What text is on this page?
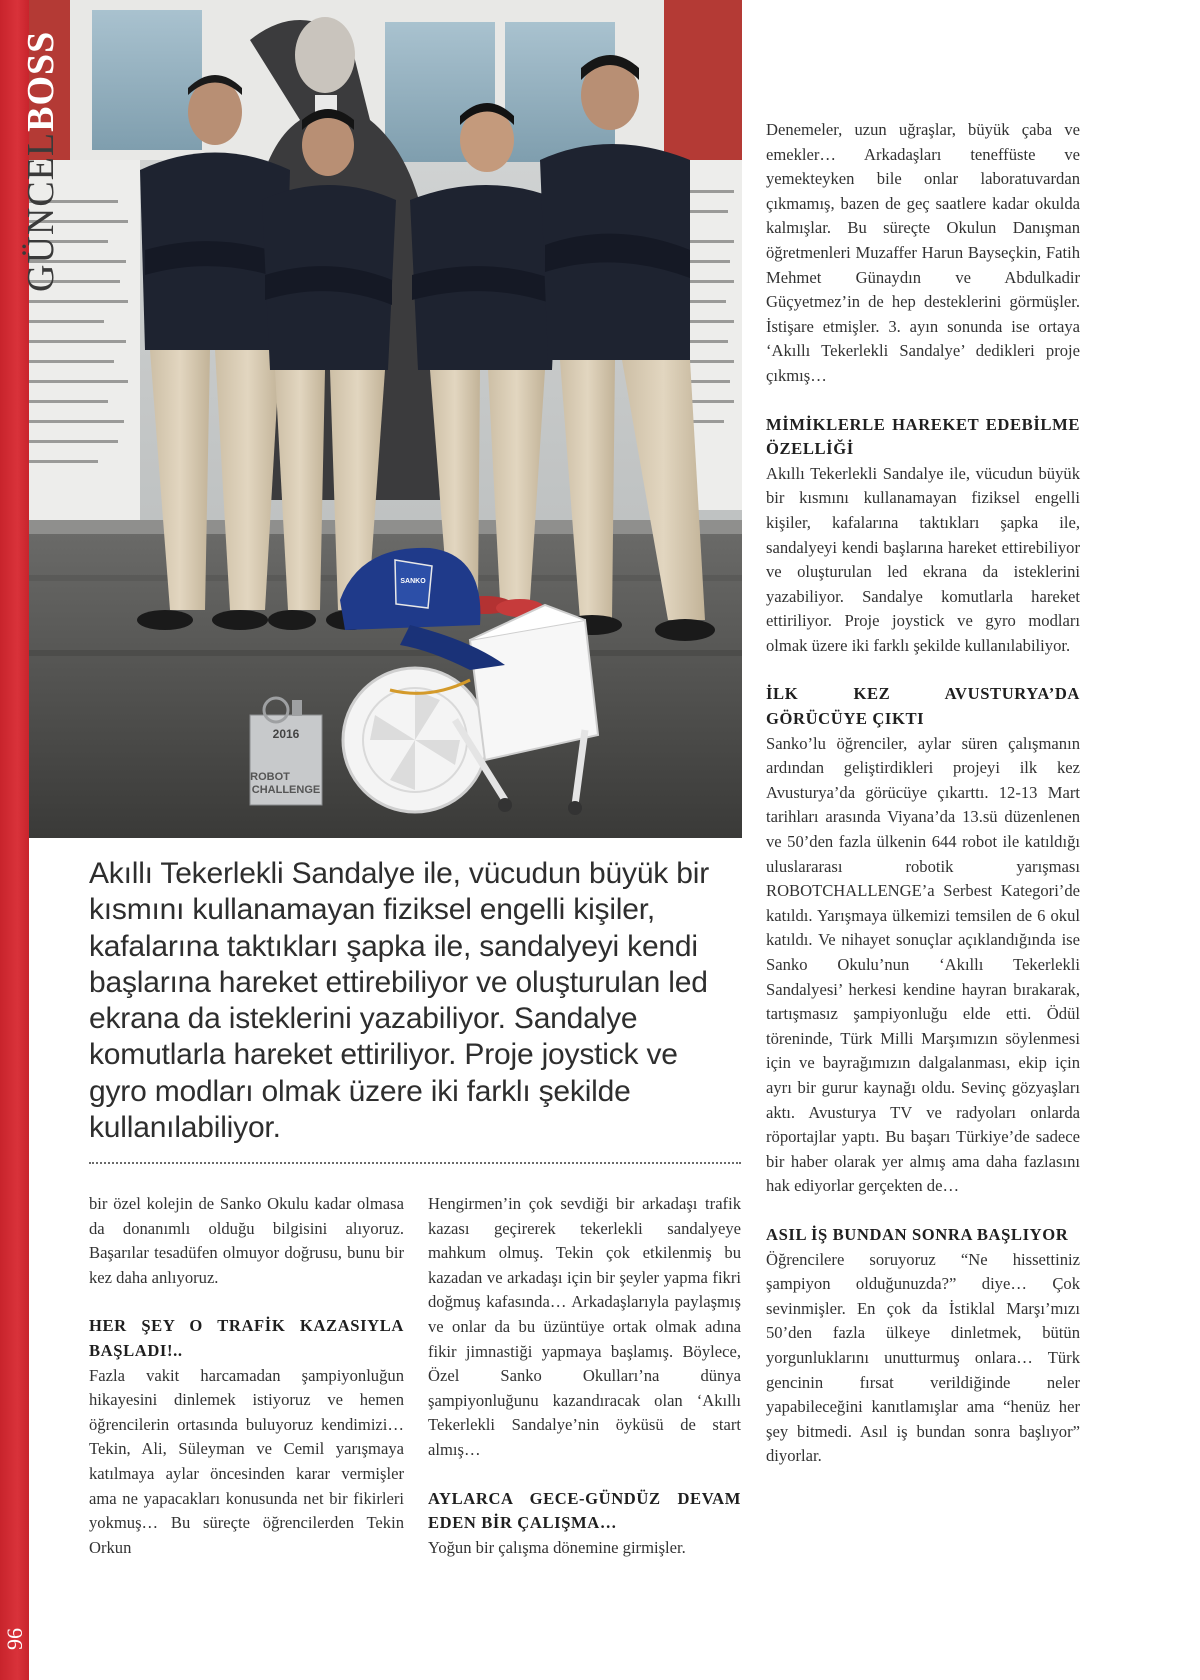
2016
ROBOT
CHALLENGE
SANKO
GÜNCELBOSS
Akıllı Tekerlekli Sandalye ile, vücudun büyük bir kısmını kullanamayan fiziksel engelli kişiler, kafalarına taktıkları şapka ile, sandalyeyi kendi başlarına hareket ettirebiliyor ve oluşturulan led ekrana da isteklerini yazabiliyor. Sandalye komutlarla hareket ettiriliyor. Proje joystick ve gyro modları olmak üzere iki farklı şekilde kullanılabiliyor.

bir özel kolejin de Sanko Okulu kadar olmasa da donanımlı olduğu bilgisini alıyoruz. Başarılar tesadüfen olmuyor doğrusu, bunu bir kez daha anlıyoruz.

HER ŞEY O TRAFİK KAZASIYLA BAŞLADI!..

Fazla vakit harcamadan şampiyonluğun hikayesini dinlemek istiyoruz ve hemen öğrencilerin ortasında buluyoruz kendimizi… Tekin, Ali, Süleyman ve Cemil yarışmaya katılmaya aylar öncesinden karar vermişler ama ne yapacakları konusunda net bir fikirleri yokmuş… Bu süreçte öğrencilerden Tekin Orkun

Hengirmen’in çok sevdiği bir arkadaşı trafik kazası geçirerek tekerlekli sandalyeye mahkum olmuş. Tekin çok etkilenmiş bu kazadan ve arkadaşı için bir şeyler yapma fikri doğmuş kafasında… Arkadaşlarıyla paylaşmış ve onlar da bu üzüntüye ortak olmak adına fikir jimnastiği yapmaya başlamış. Böylece, Özel Sanko Okulları’na dünya şampiyonluğunu kazandıracak olan ‘Akıllı Tekerlekli Sandalye’nin öyküsü de start almış…

AYLARCA GECE-GÜNDÜZ DEVAM EDEN BİR ÇALIŞMA…

Yoğun bir çalışma dönemine girmişler.

Denemeler, uzun uğraşlar, büyük çaba ve emekler… Arkadaşları teneffüste ve yemekteyken bile onlar laboratuvardan çıkmamış, bazen de geç saatlere kadar okulda kalmışlar. Bu süreçte Okulun Danışman öğretmenleri Muzaffer Harun Bayseçkin, Fatih Mehmet Günaydın ve Abdulkadir Güçyetmez’in de hep desteklerini görmüşler. İstişare etmişler. 3. ayın sonunda ise ortaya ‘Akıllı Tekerlekli Sandalye’ dedikleri proje çıkmış…

MİMİKLERLE HAREKET EDEBİLME ÖZELLİĞİ

Akıllı Tekerlekli Sandalye ile, vücudun büyük bir kısmını kullanamayan fiziksel engelli kişiler, kafalarına taktıkları şapka ile, sandalyeyi kendi başlarına hareket ettirebiliyor ve oluşturulan led ekrana da isteklerini yazabiliyor. Sandalye komutlarla hareket ettiriliyor. Proje joystick ve gyro modları olmak üzere iki farklı şekilde kullanılabiliyor.

İLK KEZ AVUSTURYA’DA GÖRÜCÜYE ÇIKTI

Sanko’lu öğrenciler, aylar süren çalışmanın ardından geliştirdikleri projeyi ilk kez Avusturya’da görücüye çıkarttı. 12-13 Mart tarihları arasında Viyana’da 13.sü düzenlenen ve 50’den fazla ülkenin 644 robot ile katıldığı uluslararası robotik yarışması ROBOTCHALLENGE’a Serbest Kategori’de katıldı. Yarışmaya ülkemizi temsilen de 6 okul katıldı. Ve nihayet sonuçlar açıklandığında ise Sanko Okulu’nun ‘Akıllı Tekerlekli Sandalyesi’ herkesi kendine hayran bırakarak, tartışmasız şampiyonluğu elde etti. Ödül töreninde, Türk Milli Marşımızın söylenmesi için ve bayrağımızın dalgalanması, ekip için ayrı bir gurur kaynağı oldu. Sevinç gözyaşları aktı. Avusturya TV ve radyoları onlarda röportajlar yaptı. Bu başarı Türkiye’de sadece bir haber olarak yer almış ama daha fazlasını hak ediyorlar gerçekten de…

ASIL İŞ BUNDAN SONRA BAŞLIYOR

Öğrencilere soruyoruz “Ne hissettiniz şampiyon olduğunuzda?” diye… Çok sevinmişler. En çok da İstiklal Marşı’mızı 50’den fazla ülkeye dinletmek, bütün yorgunluklarını unutturmuş onlara… Türk gencinin fırsat verildiğinde neler yapabileceğini kanıtlamışlar ama “henüz her şey bitmedi. Asıl iş bundan sonra başlıyor” diyorlar.

96
